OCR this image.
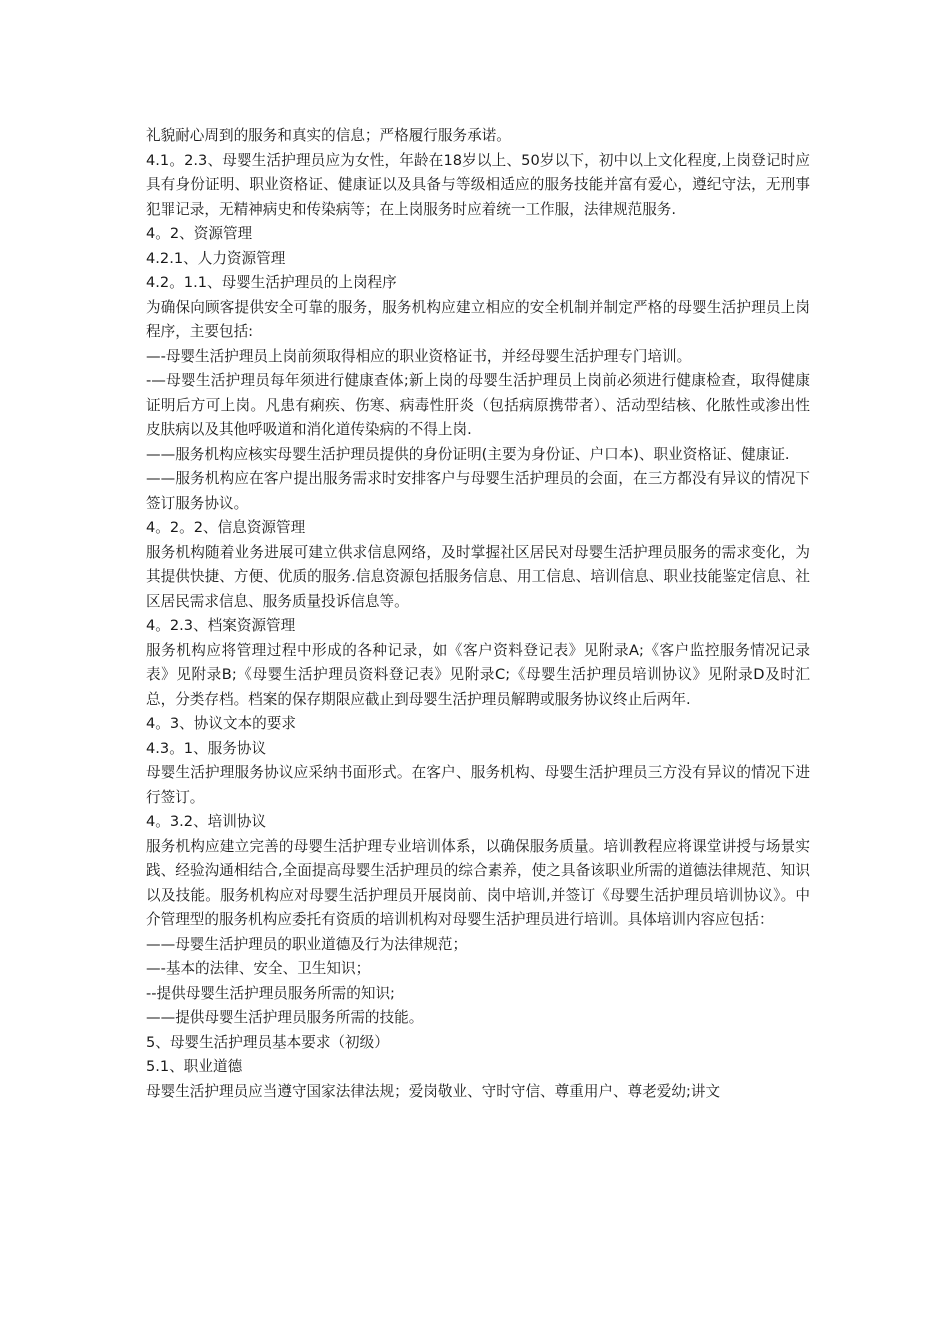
礼貌耐心周到的服务和真实的信息；严格履行服务承诺。

4.1。2.3、母婴生活护理员应为女性，年龄在18岁以上、50岁以下，初中以上文化程度,上岗登记时应具有身份证明、职业资格证、健康证以及具备与等级相适应的服务技能并富有爱心，遵纪守法，无刑事犯罪记录，无精神病史和传染病等；在上岗服务时应着统一工作服，法律规范服务.

4。2、资源管理

4.2.1、人力资源管理

4.2。1.1、母婴生活护理员的上岗程序

为确保向顾客提供安全可靠的服务，服务机构应建立相应的安全机制并制定严格的母婴生活护理员上岗程序，主要包括:

—-母婴生活护理员上岗前须取得相应的职业资格证书，并经母婴生活护理专门培训。

-—母婴生活护理员每年须进行健康查体;新上岗的母婴生活护理员上岗前必须进行健康检查，取得健康证明后方可上岗。凡患有痢疾、伤寒、病毒性肝炎（包括病原携带者）、活动型结核、化脓性或渗出性皮肤病以及其他呼吸道和消化道传染病的不得上岗.

——服务机构应核实母婴生活护理员提供的身份证明(主要为身份证、户口本)、职业资格证、健康证.

——服务机构应在客户提出服务需求时安排客户与母婴生活护理员的会面，在三方都没有异议的情况下签订服务协议。

4。2。2、信息资源管理

服务机构随着业务进展可建立供求信息网络，及时掌握社区居民对母婴生活护理员服务的需求变化，为其提供快捷、方便、优质的服务.信息资源包括服务信息、用工信息、培训信息、职业技能鉴定信息、社区居民需求信息、服务质量投诉信息等。

4。2.3、档案资源管理

服务机构应将管理过程中形成的各种记录，如《客户资料登记表》见附录A;《客户监控服务情况记录表》见附录B;《母婴生活护理员资料登记表》见附录C;《母婴生活护理员培训协议》见附录D及时汇总，分类存档。档案的保存期限应截止到母婴生活护理员解聘或服务协议终止后两年.

4。3、协议文本的要求

4.3。1、服务协议

母婴生活护理服务协议应采纳书面形式。在客户、服务机构、母婴生活护理员三方没有异议的情况下进行签订。

4。3.2、培训协议

服务机构应建立完善的母婴生活护理专业培训体系，以确保服务质量。培训教程应将课堂讲授与场景实践、经验沟通相结合,全面提高母婴生活护理员的综合素养，使之具备该职业所需的道德法律规范、知识以及技能。服务机构应对母婴生活护理员开展岗前、岗中培训,并签订《母婴生活护理员培训协议》。中介管理型的服务机构应委托有资质的培训机构对母婴生活护理员进行培训。具体培训内容应包括：

——母婴生活护理员的职业道德及行为法律规范；

—-基本的法律、安全、卫生知识；

--提供母婴生活护理员服务所需的知识;

——提供母婴生活护理员服务所需的技能。

5、母婴生活护理员基本要求（初级）

5.1、职业道德

母婴生活护理员应当遵守国家法律法规；爱岗敬业、守时守信、尊重用户、尊老爱幼;讲文
